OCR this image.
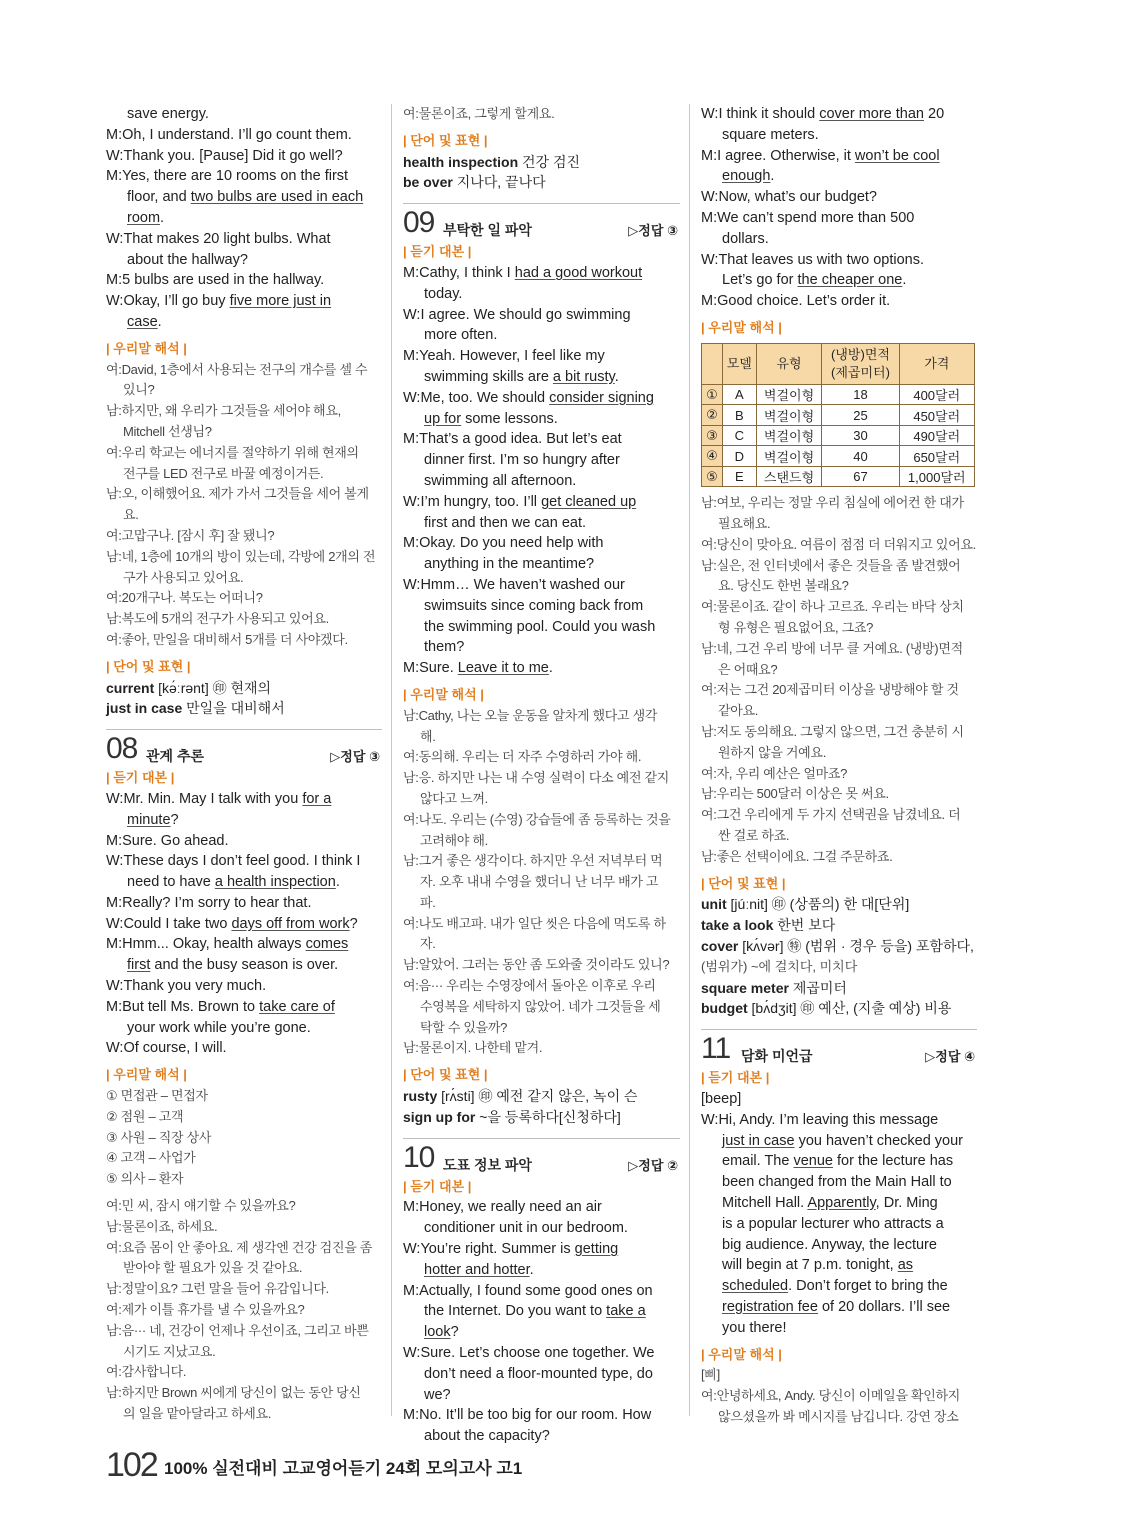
save energy.
M:Oh, I understand. I’ll go count them.
W:Thank you. [Pause] Did it go well?
M:Yes, there are 10 rooms on the first
floor, and two bulbs are used in each
room.
W:That makes 20 light bulbs. What
about the hallway?
M:5 bulbs are used in the hallway.
W:Okay, I’ll go buy five more just in
case.
| 우리말 해석 |
여:David, 1층에서 사용되는 전구의 개수를 셀 수
있니?
남:하지만, 왜 우리가 그것들을 세어야 해요,
Mitchell 선생님?
여:우리 학교는 에너지를 절약하기 위해 현재의
전구를 LED 전구로 바꿀 예정이거든.
남:오, 이해했어요. 제가 가서 그것들을 세어 볼게
요.
여:고맙구나. [잠시 후] 잘 됐니?
남:네, 1층에 10개의 방이 있는데, 각방에 2개의 전
구가 사용되고 있어요.
여:20개구나. 복도는 어떠니?
남:복도에 5개의 전구가 사용되고 있어요.
여:좋아, 만일을 대비해서 5개를 더 사야겠다.
| 단어 및 표현 |
current [kə́ːrənt] ㊞ 현재의
just in case 만일을 대비해서
08 관계 추론	▷정답 ③
| 듣기 대본 |
W:Mr. Min. May I talk with you for a
minute?
M:Sure. Go ahead.
W:These days I don’t feel good. I think I
need to have a health inspection.
M:Really? I’m sorry to hear that.
W:Could I take two days off from work?
M:Hmm... Okay, health always comes
first and the busy season is over.
W:Thank you very much.
M:But tell Ms. Brown to take care of
your work while you’re gone.
W:Of course, I will.
| 우리말 해석 |
① 면접관 – 면접자
② 점원 – 고객
③ 사원 – 직장 상사
④ 고객 – 사업가
⑤ 의사 – 환자
여:민 씨, 잠시 얘기할 수 있을까요?
남:물론이죠, 하세요.
여:요즘 몸이 안 좋아요. 제 생각엔 건강 검진을 좀
받아야 할 필요가 있을 것 같아요.
남:정말이요? 그런 말을 들어 유감입니다.
여:제가 이틀 휴가를 낼 수 있을까요?
남:음··· 네, 건강이 언제나 우선이죠, 그리고 바쁜
시기도 지났고요.
여:감사합니다.
남:하지만 Brown 씨에게 당신이 없는 동안 당신
의 일을 맡아달라고 하세요.
여:물론이죠, 그렇게 할게요.
| 단어 및 표현 |
health inspection 건강 검진
be over 지나다, 끝나다
09 부탁한 일 파악	▷정답 ③
| 듣기 대본 |
M:Cathy, I think I had a good workout
today.
W:I agree. We should go swimming
more often.
M:Yeah. However, I feel like my
swimming skills are a bit rusty.
W:Me, too. We should consider signing
up for some lessons.
M:That’s a good idea. But let’s eat
dinner first. I’m so hungry after
swimming all afternoon.
W:I’m hungry, too. I’ll get cleaned up
first and then we can eat.
M:Okay. Do you need help with
anything in the meantime?
W:Hmm… We haven’t washed our
swimsuits since coming back from
the swimming pool. Could you wash
them?
M:Sure. Leave it to me.
| 우리말 해석 |
남:Cathy, 나는 오늘 운동을 알차게 했다고 생각
해.
여:동의해. 우리는 더 자주 수영하러 가야 해.
남:응. 하지만 나는 내 수영 실력이 다소 예전 같지
않다고 느껴.
여:나도. 우리는 (수영) 강습들에 좀 등록하는 것을
고려해야 해.
남:그거 좋은 생각이다. 하지만 우선 저녁부터 먹
자. 오후 내내 수영을 했더니 난 너무 배가 고
파.
여:나도 배고파. 내가 일단 씻은 다음에 먹도록 하
자.
남:알았어. 그러는 동안 좀 도와줄 것이라도 있니?
여:음··· 우리는 수영장에서 돌아온 이후로 우리
수영복을 세탁하지 않았어. 네가 그것들을 세
탁할 수 있을까?
남:물론이지. 나한테 맡겨.
| 단어 및 표현 |
rusty [rʌ́sti] ㊞ 예전 같지 않은, 녹이 슨
sign up for ~을 등록하다[신청하다]
10 도표 정보 파악	▷정답 ②
| 듣기 대본 |
M:Honey, we really need an air
conditioner unit in our bedroom.
W:You’re right. Summer is getting
hotter and hotter.
M:Actually, I found some good ones on
the Internet. Do you want to take a
look?
W:Sure. Let’s choose one together. We
don’t need a floor-mounted type, do
we?
M:No. It’ll be too big for our room. How
about the capacity?
W:I think it should cover more than 20
square meters.
M:I agree. Otherwise, it won’t be cool
enough.
W:Now, what’s our budget?
M:We can’t spend more than 500
dollars.
W:That leaves us with two options.
Let’s go for the cheaper one.
M:Good choice. Let’s order it.
| 우리말 해석 |
	모델	유형	(냉방)면적
(제곱미터)	가격
①	A	벽걸이형	18	400달러
②	B	벽걸이형	25	450달러
③	C	벽걸이형	30	490달러
④	D	벽걸이형	40	650달러
⑤	E	스탠드형	67	1,000달러
남:여보, 우리는 정말 우리 침실에 에어컨 한 대가
필요해요.
여:당신이 맞아요. 여름이 점점 더 더워지고 있어요.
남:실은, 전 인터넷에서 좋은 것들을 좀 발견했어
요. 당신도 한번 볼래요?
여:물론이죠. 같이 하나 고르죠. 우리는 바닥 상치
형 유형은 필요없어요, 그죠?
남:네, 그건 우리 방에 너무 클 거예요. (냉방)면적
은 어때요?
여:저는 그건 20제곱미터 이상을 냉방해야 할 것
같아요.
남:저도 동의해요. 그렇지 않으면, 그건 충분히 시
원하지 않을 거예요.
여:자, 우리 예산은 얼마죠?
남:우리는 500달러 이상은 못 써요.
여:그건 우리에게 두 가지 선택권을 남겼네요. 더
싼 걸로 하죠.
남:좋은 선택이에요. 그걸 주문하죠.
| 단어 및 표현 |
unit [júːnit] ㊞ (상품의) 한 대[단위]
take a look 한번 보다
cover [kʌ́vər] ㊕ (범위 · 경우 등을) 포함하다,
(범위가) ~에 걸치다, 미치다
square meter 제곱미터
budget [bʌ́dʒit] ㊞ 예산, (지출 예상) 비용
11 담화 미언급	▷정답 ④
| 듣기 대본 |
[beep]
W:Hi, Andy. I’m leaving this message
just in case you haven’t checked your
email. The venue for the lecture has
been changed from the Main Hall to
Mitchell Hall. Apparently, Dr. Ming
is a popular lecturer who attracts a
big audience. Anyway, the lecture
will begin at 7 p.m. tonight, as
scheduled. Don’t forget to bring the
registration fee of 20 dollars. I’ll see
you there!
| 우리말 해석 |
[삐]
여:안녕하세요, Andy. 당신이 이메일을 확인하지
않으셨을까 봐 메시지를 남깁니다. 강연 장소
102 100% 실전대비 고교영어듣기 24회 모의고사 고1
